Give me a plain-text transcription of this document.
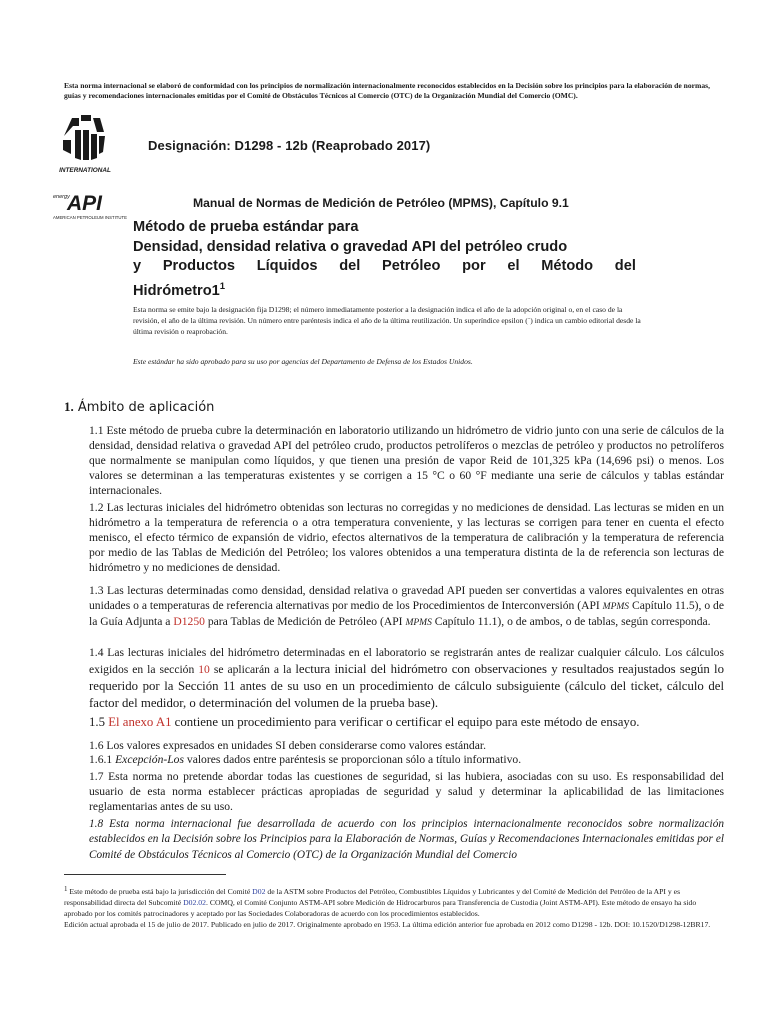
Esta norma internacional se elaboró de conformidad con los principios de normalización internacionalmente reconocidos establecidos en la Decisión sobre los principios para la elaboración de normas, guías y recomendaciones internacionales emitidas por el Comité de Obstáculos Técnicos al Comercio (OTC) de la Organización Mundial del Comercio (OMC).
INTERNATIONAL
Designación: D1298 - 12b (Reaprobado 2017)
energy
API
AMERICAN PETROLEUM INSTITUTE
Manual de Normas de Medición de Petróleo (MPMS), Capítulo 9.1
Método de prueba estándar para
Densidad, densidad relativa o gravedad API del petróleo crudo
y Productos Líquidos del Petróleo por el Método del
$Hidrómetro1^1$
Esta norma se emite bajo la designación fija D1298; el número inmediatamente posterior a la designación indica el año de la adopción original o, en el caso de la revisión, el año de la última revisión. Un número entre paréntesis indica el año de la última reutilización. Un superíndice epsilon (´) indica un cambio editorial desde la última revisión o reaprobación.
Este estándar ha sido aprobado para su uso por agencias del Departamento de Defensa de los Estados Unidos.
1. Ámbito de aplicación
1.1 Este método de prueba cubre la determinación en laboratorio utilizando un hidrómetro de vidrio junto con una serie de cálculos de la densidad, densidad relativa o gravedad API del petróleo crudo, productos petrolíferos o mezclas de petróleo y productos no petrolíferos que normalmente se manipulan como líquidos, y que tienen una presión de vapor Reid de 101,325 kPa (14,696 psi) o menos. Los valores se determinan a las temperaturas existentes y se corrigen a 15 °C o 60 °F mediante una serie de cálculos y tablas estándar internacionales.
1.2 Las lecturas iniciales del hidrómetro obtenidas son lecturas no corregidas y no mediciones de densidad. Las lecturas se miden en un hidrómetro a la temperatura de referencia o a otra temperatura conveniente, y las lecturas se corrigen para tener en cuenta el efecto menisco, el efecto térmico de expansión de vidrio, efectos alternativos de la temperatura de calibración y la temperatura de referencia por medio de las Tablas de Medición del Petróleo; los valores obtenidos a una temperatura distinta de la de referencia son lecturas de hidrómetro y no mediciones de densidad.
1.3 Las lecturas determinadas como densidad, densidad relativa o gravedad API pueden ser convertidas a valores equivalentes en otras unidades o a temperaturas de referencia alternativas por medio de los Procedimientos de Interconversión (API MPMS Capítulo 11.5), o de la Guía Adjunta a D1250 para Tablas de Medición de Petróleo (API MPMS Capítulo 11.1), o de ambos, o de tablas, según corresponda.
1.4 Las lecturas iniciales del hidrómetro determinadas en el laboratorio se registrarán antes de realizar cualquier cálculo. Los cálculos exigidos en la sección 10 se aplicarán a la lectura inicial del hidrómetro con observaciones y resultados reajustados según lo requerido por la Sección 11 antes de su uso en un procedimiento de cálculo subsiguiente (cálculo del ticket, cálculo del factor del medidor, o determinación del volumen de la prueba base).
1.5 El anexo A1 contiene un procedimiento para verificar o certificar el equipo para este método de ensayo.
1.6 Los valores expresados en unidades SI deben considerarse como valores estándar.
1.6.1 Excepción-Los valores dados entre paréntesis se proporcionan sólo a título informativo.
1.7 Esta norma no pretende abordar todas las cuestiones de seguridad, si las hubiera, asociadas con su uso. Es responsabilidad del usuario de esta norma establecer prácticas apropiadas de seguridad y salud y determinar la aplicabilidad de las limitaciones reglamentarias antes de su uso.
1.8 Esta norma internacional fue desarrollada de acuerdo con los principios internacionalmente reconocidos sobre normalización establecidos en la Decisión sobre los Principios para la Elaboración de Normas, Guías y Recomendaciones Internacionales emitidas por el Comité de Obstáculos Técnicos al Comercio (OTC) de la Organización Mundial del Comercio

$^1$ Este método de prueba está bajo la jurisdicción del Comité D02 de la ASTM sobre Productos del Petróleo, Combustibles Líquidos y Lubricantes y del Comité de Medición del Petróleo de la API y es responsabilidad directa del Subcomité D02.02. COMQ, el Comité Conjunto ASTM-API sobre Medición de Hidrocarburos para Transferencia de Custodia (Joint ASTM-API). Este método de ensayo ha sido aprobado por los comités patrocinadores y aceptado por las Sociedades Colaboradoras de acuerdo con los procedimientos establecidos.

Edición actual aprobada el 15 de julio de 2017. Publicado en julio de 2017. Originalmente aprobado en 1953. La última edición anterior fue aprobada en 2012 como D1298 - 12b. DOI: 10.1520/D1298-12BR17.
